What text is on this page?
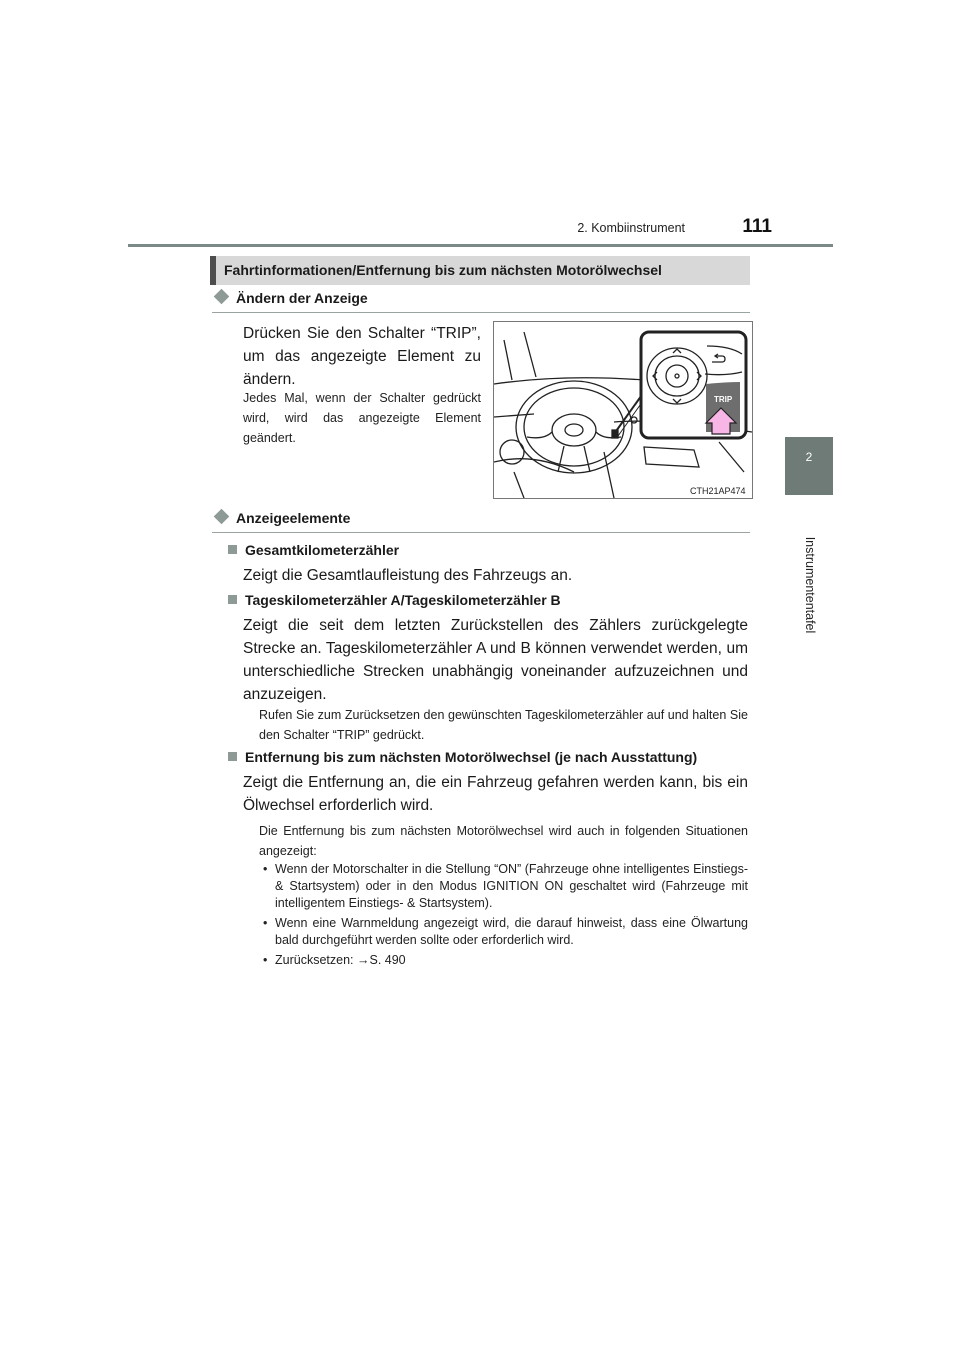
2. Kombiinstrument	111
2
Instrumententafel
Fahrtinformationen/Entfernung bis zum nächsten Motorölwechsel
Ändern der Anzeige
Drücken Sie den Schalter “TRIP”, um das angezeigte Element zu ändern.
Jedes Mal, wenn der Schalter gedrückt wird, wird das angezeigte Element geändert.
TRIP
CTH21AP474
Anzeigeelemente
Gesamtkilometerzähler
Zeigt die Gesamtlaufleistung des Fahrzeugs an.
Tageskilometerzähler A/Tageskilometerzähler B
Zeigt die seit dem letzten Zurückstellen des Zählers zurückgelegte Strecke an. Tageskilometerzähler A und B können verwendet werden, um unterschiedliche Strecken unabhängig voneinander aufzuzeichnen und anzuzeigen.
Rufen Sie zum Zurücksetzen den gewünschten Tageskilometerzähler auf und halten Sie den Schalter “TRIP” gedrückt.
Entfernung bis zum nächsten Motorölwechsel (je nach Ausstattung)
Zeigt die Entfernung an, die ein Fahrzeug gefahren werden kann, bis ein Ölwechsel erforderlich wird.
Die Entfernung bis zum nächsten Motorölwechsel wird auch in folgenden Situationen angezeigt:
• Wenn der Motorschalter in die Stellung “ON” (Fahrzeuge ohne intelligentes Einstiegs- & Startsystem) oder in den Modus IGNITION ON geschaltet wird (Fahrzeuge mit intelligentem Einstiegs- & Startsystem).
• Wenn eine Warnmeldung angezeigt wird, die darauf hinweist, dass eine Ölwartung bald durchgeführt werden sollte oder erforderlich wird.
• Zurücksetzen: →S. 490
